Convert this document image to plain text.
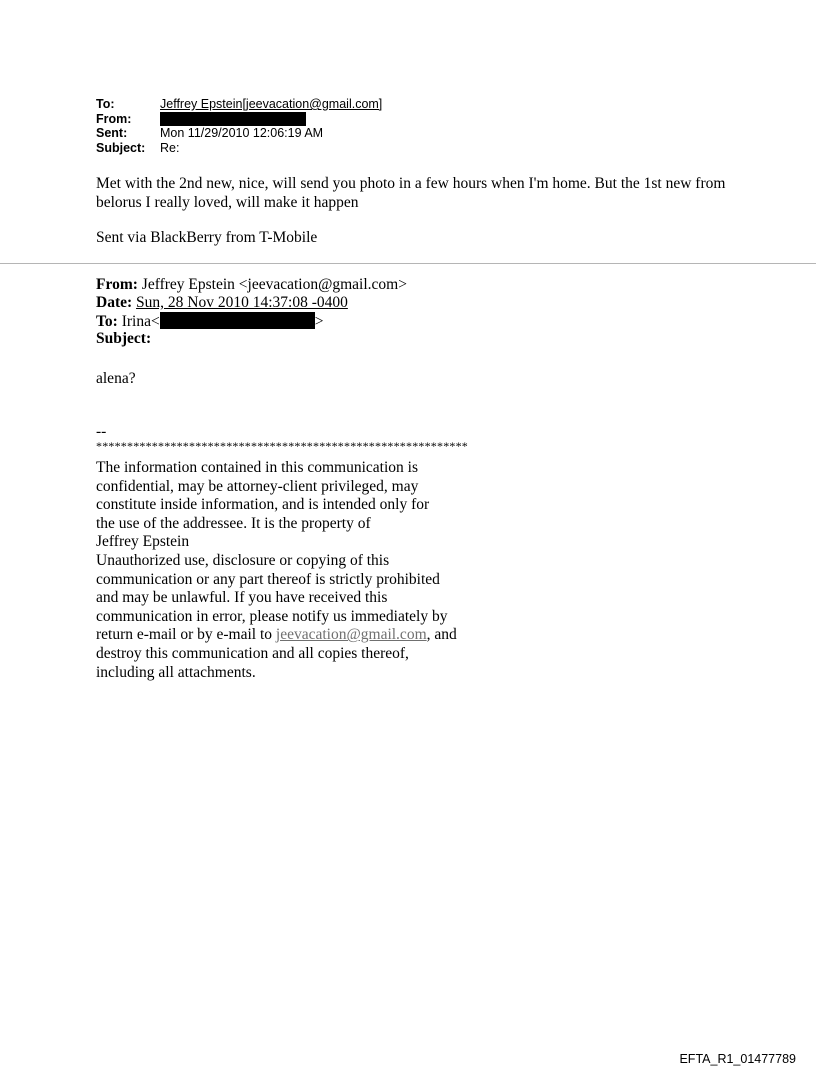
To:	Jeffrey Epstein[jeevacation@gmail.com]
From:
Sent:	Mon 11/29/2010 12:06:19 AM
Subject:	Re:
Met with the 2nd new, nice, will send you photo in a few hours when I'm home. But the 1st new from belorus I really loved, will make it happen
Sent via BlackBerry from T-Mobile
From: Jeffrey Epstein <jeevacation@gmail.com>
Date: Sun, 28 Nov 2010 14:37:08 -0400
To: Irina<	>
Subject:
alena?
--
************************************************************
The information contained in this communication is
confidential, may be attorney-client privileged, may
constitute inside information, and is intended only for
the use of the addressee. It is the property of
Jeffrey Epstein
Unauthorized use, disclosure or copying of this
communication or any part thereof is strictly prohibited
and may be unlawful. If you have received this
communication in error, please notify us immediately by
return e-mail or by e-mail to jeevacation@gmail.com, and
destroy this communication and all copies thereof,
including all attachments.
EFTA_R1_01477789
